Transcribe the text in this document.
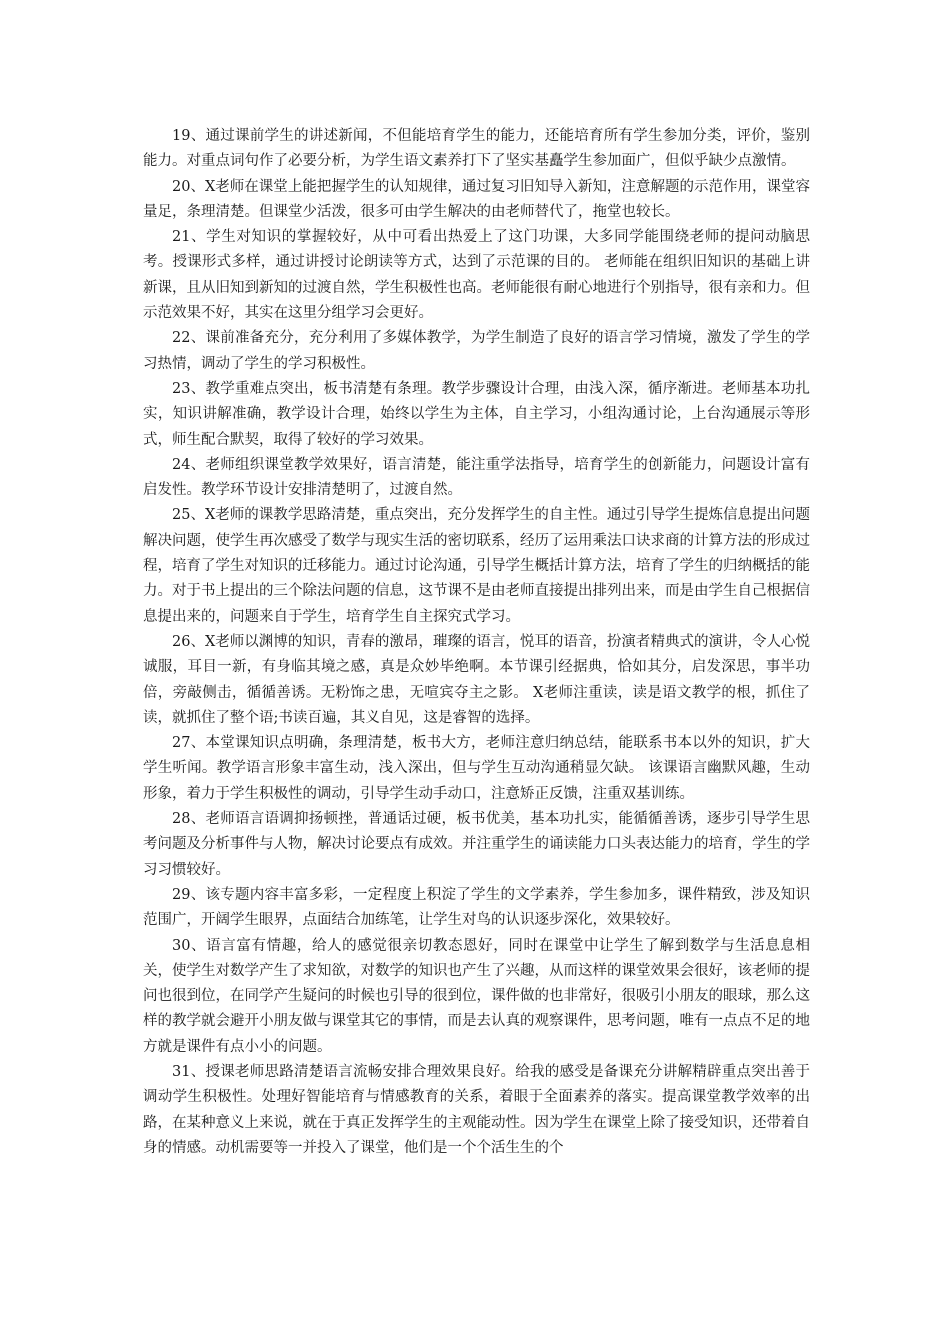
19、通过课前学生的讲述新闻，不但能培育学生的能力，还能培育所有学生参加分类，评价，鉴别能力。对重点词句作了必要分析，为学生语文素养打下了坚实基矗学生参加面广，但似乎缺少点激情。

20、X老师在课堂上能把握学生的认知规律，通过复习旧知导入新知，注意解题的示范作用，课堂容量足，条理清楚。但课堂少活泼，很多可由学生解决的由老师替代了，拖堂也较长。

21、学生对知识的掌握较好，从中可看出热爱上了这门功课，大多同学能围绕老师的提问动脑思考。授课形式多样，通过讲授讨论朗读等方式，达到了示范课的目的。 老师能在组织旧知识的基础上讲新课，且从旧知到新知的过渡自然，学生积极性也高。老师能很有耐心地进行个别指导，很有亲和力。但示范效果不好，其实在这里分组学习会更好。

22、课前准备充分，充分利用了多媒体教学，为学生制造了良好的语言学习情境，激发了学生的学习热情，调动了学生的学习积极性。

23、教学重难点突出，板书清楚有条理。教学步骤设计合理，由浅入深，循序渐进。老师基本功扎实，知识讲解准确，教学设计合理，始终以学生为主体，自主学习，小组沟通讨论，上台沟通展示等形式，师生配合默契，取得了较好的学习效果。

24、老师组织课堂教学效果好，语言清楚，能注重学法指导，培育学生的创新能力，问题设计富有启发性。教学环节设计安排清楚明了，过渡自然。

25、X老师的课教学思路清楚，重点突出，充分发挥学生的自主性。通过引导学生提炼信息提出问题解决问题，使学生再次感受了数学与现实生活的密切联系，经历了运用乘法口诀求商的计算方法的形成过程，培育了学生对知识的迁移能力。通过讨论沟通，引导学生概括计算方法，培育了学生的归纳概括的能力。对于书上提出的三个除法问题的信息，这节课不是由老师直接提出排列出来，而是由学生自己根据信息提出来的，问题来自于学生，培育学生自主探究式学习。

26、X老师以渊博的知识，青春的激昂，璀璨的语言，悦耳的语音，扮演者精典式的演讲，令人心悦诚服，耳目一新，有身临其境之感，真是众妙毕绝啊。本节课引经据典，恰如其分，启发深思，事半功倍，旁敲侧击，循循善诱。无粉饰之患，无喧宾夺主之影。 X老师注重读，读是语文教学的根，抓住了读，就抓住了整个语;书读百遍，其义自见，这是睿智的选择。

27、本堂课知识点明确，条理清楚，板书大方，老师注意归纳总结，能联系书本以外的知识，扩大学生听闻。教学语言形象丰富生动，浅入深出，但与学生互动沟通稍显欠缺。 该课语言幽默风趣，生动形象，着力于学生积极性的调动，引导学生动手动口，注意矫正反馈，注重双基训练。

28、老师语言语调抑扬顿挫，普通话过硬，板书优美，基本功扎实，能循循善诱，逐步引导学生思考问题及分析事件与人物，解决讨论要点有成效。并注重学生的诵读能力口头表达能力的培育，学生的学习习惯较好。

29、该专题内容丰富多彩，一定程度上积淀了学生的文学素养，学生参加多，课件精致，涉及知识范围广，开阔学生眼界，点面结合加练笔，让学生对鸟的认识逐步深化，效果较好。

30、语言富有情趣，给人的感觉很亲切教态恩好，同时在课堂中让学生了解到数学与生活息息相关，使学生对数学产生了求知欲，对数学的知识也产生了兴趣，从而这样的课堂效果会很好，该老师的提问也很到位，在同学产生疑问的时候也引导的很到位，课件做的也非常好，很吸引小朋友的眼球，那么这样的教学就会避开小朋友做与课堂其它的事情，而是去认真的观察课件，思考问题，唯有一点点不足的地方就是课件有点小小的问题。

31、授课老师思路清楚语言流畅安排合理效果良好。给我的感受是备课充分讲解精辟重点突出善于调动学生积极性。处理好智能培育与情感教育的关系，着眼于全面素养的落实。提高课堂教学效率的出路，在某种意义上来说，就在于真正发挥学生的主观能动性。因为学生在课堂上除了接受知识，还带着自身的情感。动机需要等一并投入了课堂，他们是一个个活生生的个
